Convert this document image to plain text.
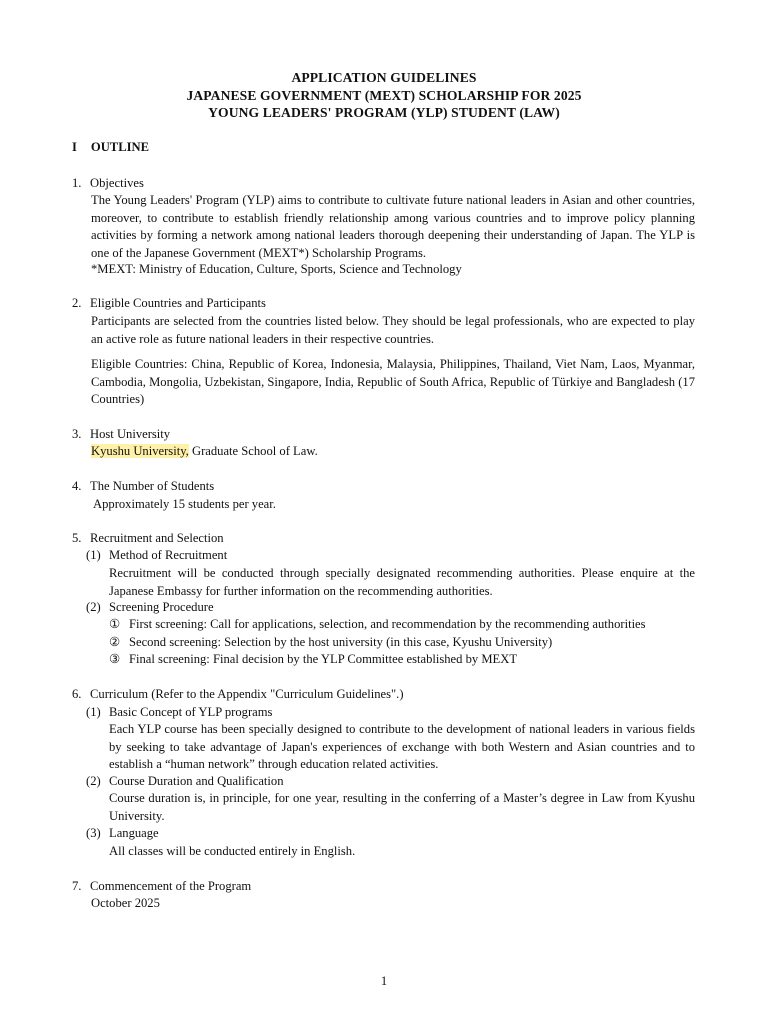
APPLICATION GUIDELINES
JAPANESE GOVERNMENT (MEXT) SCHOLARSHIP FOR 2025
YOUNG LEADERS' PROGRAM (YLP) STUDENT (LAW)
I OUTLINE
1. Objectives
The Young Leaders' Program (YLP) aims to contribute to cultivate future national leaders in Asian and other countries, moreover, to contribute to establish friendly relationship among various countries and to improve policy planning activities by forming a network among national leaders thorough deepening their understanding of Japan. The YLP is one of the Japanese Government (MEXT*) Scholarship Programs.
*MEXT: Ministry of Education, Culture, Sports, Science and Technology
2. Eligible Countries and Participants
Participants are selected from the countries listed below. They should be legal professionals, who are expected to play an active role as future national leaders in their respective countries.
Eligible Countries: China, Republic of Korea, Indonesia, Malaysia, Philippines, Thailand, Viet Nam, Laos, Myanmar, Cambodia, Mongolia, Uzbekistan, Singapore, India, Republic of South Africa, Republic of Türkiye and Bangladesh (17 Countries)
3. Host University
Kyushu University, Graduate School of Law.
4. The Number of Students
Approximately 15 students per year.
5. Recruitment and Selection
(1) Method of Recruitment
Recruitment will be conducted through specially designated recommending authorities. Please enquire at the Japanese Embassy for further information on the recommending authorities.
(2) Screening Procedure
① First screening: Call for applications, selection, and recommendation by the recommending authorities
② Second screening: Selection by the host university (in this case, Kyushu University)
③ Final screening: Final decision by the YLP Committee established by MEXT
6. Curriculum (Refer to the Appendix "Curriculum Guidelines".)
(1) Basic Concept of YLP programs
Each YLP course has been specially designed to contribute to the development of national leaders in various fields by seeking to take advantage of Japan's experiences of exchange with both Western and Asian countries and to establish a “human network” through education related activities.
(2) Course Duration and Qualification
Course duration is, in principle, for one year, resulting in the conferring of a Master’s degree in Law from Kyushu University.
(3) Language
All classes will be conducted entirely in English.
7. Commencement of the Program
October 2025
1
